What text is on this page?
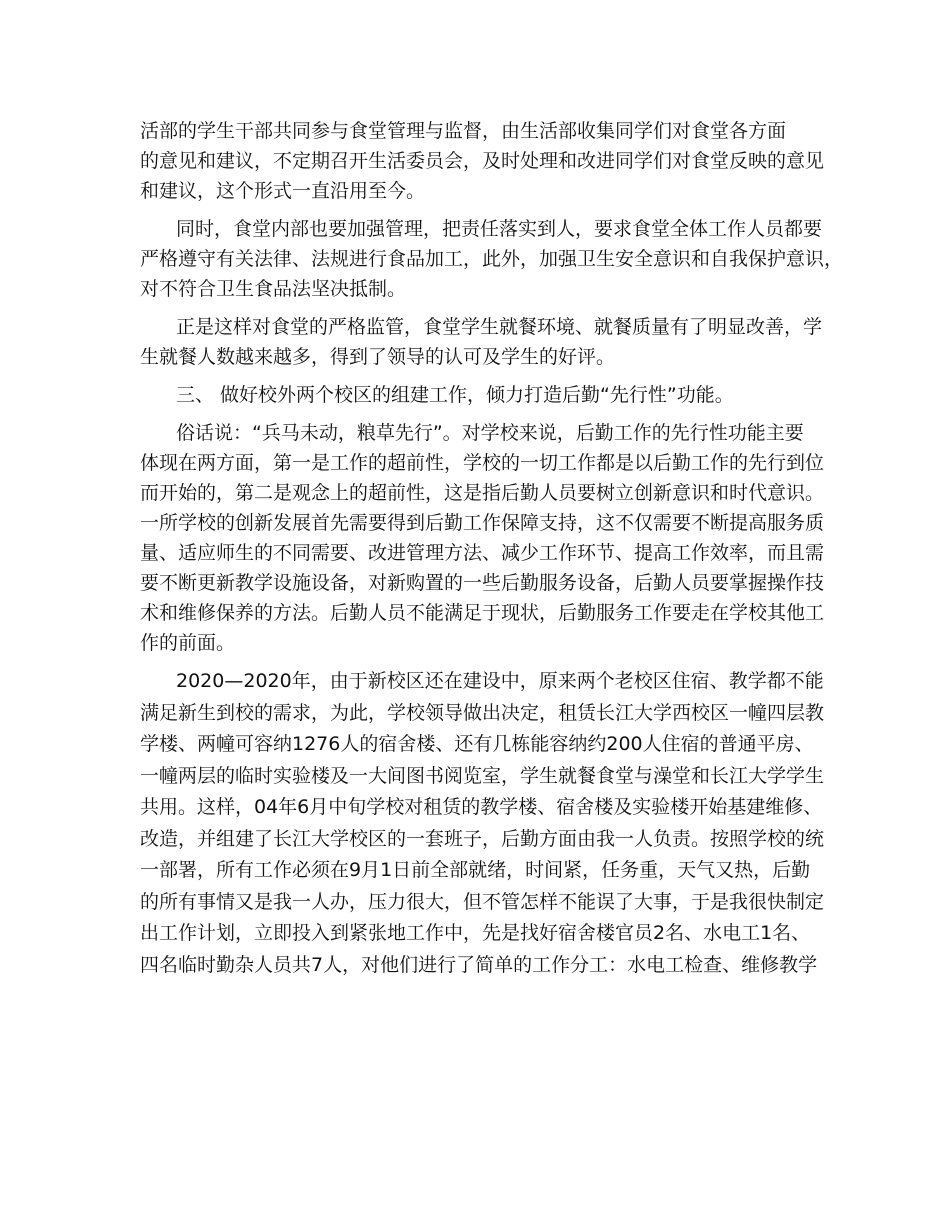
活部的学生干部共同参与食堂管理与监督，由生活部收集同学们对食堂各方面
的意见和建议，不定期召开生活委员会，及时处理和改进同学们对食堂反映的意见
和建议，这个形式一直沿用至今。
同时，食堂内部也要加强管理，把责任落实到人，要求食堂全体工作人员都要
严格遵守有关法律、法规进行食品加工，此外，加强卫生安全意识和自我保护意识，
对不符合卫生食品法坚决抵制。
正是这样对食堂的严格监管，食堂学生就餐环境、就餐质量有了明显改善，学
生就餐人数越来越多，得到了领导的认可及学生的好评。
三、 做好校外两个校区的组建工作，倾力打造后勤“先行性”功能。
俗话说：“兵马未动，粮草先行”。对学校来说，后勤工作的先行性功能主要
体现在两方面，第一是工作的超前性，学校的一切工作都是以后勤工作的先行到位
而开始的，第二是观念上的超前性，这是指后勤人员要树立创新意识和时代意识。
一所学校的创新发展首先需要得到后勤工作保障支持，这不仅需要不断提高服务质
量、适应师生的不同需要、改进管理方法、减少工作环节、提高工作效率，而且需
要不断更新教学设施设备，对新购置的一些后勤服务设备，后勤人员要掌握操作技
术和维修保养的方法。后勤人员不能满足于现状，后勤服务工作要走在学校其他工
作的前面。
2020—2020年，由于新校区还在建设中，原来两个老校区住宿、教学都不能
满足新生到校的需求，为此，学校领导做出决定，租赁长江大学西校区一幢四层教
学楼、两幢可容纳1276人的宿舍楼、还有几栋能容纳约200人住宿的普通平房、
一幢两层的临时实验楼及一大间图书阅览室，学生就餐食堂与澡堂和长江大学学生
共用。这样，04年6月中旬学校对租赁的教学楼、宿舍楼及实验楼开始基建维修、
改造，并组建了长江大学校区的一套班子，后勤方面由我一人负责。按照学校的统
一部署，所有工作必须在9月1日前全部就绪，时间紧，任务重，天气又热，后勤
的所有事情又是我一人办，压力很大，但不管怎样不能误了大事，于是我很快制定
出工作计划，立即投入到紧张地工作中，先是找好宿舍楼官员2名、水电工1名、
四名临时勤杂人员共7人，对他们进行了简单的工作分工：水电工检查、维修教学
